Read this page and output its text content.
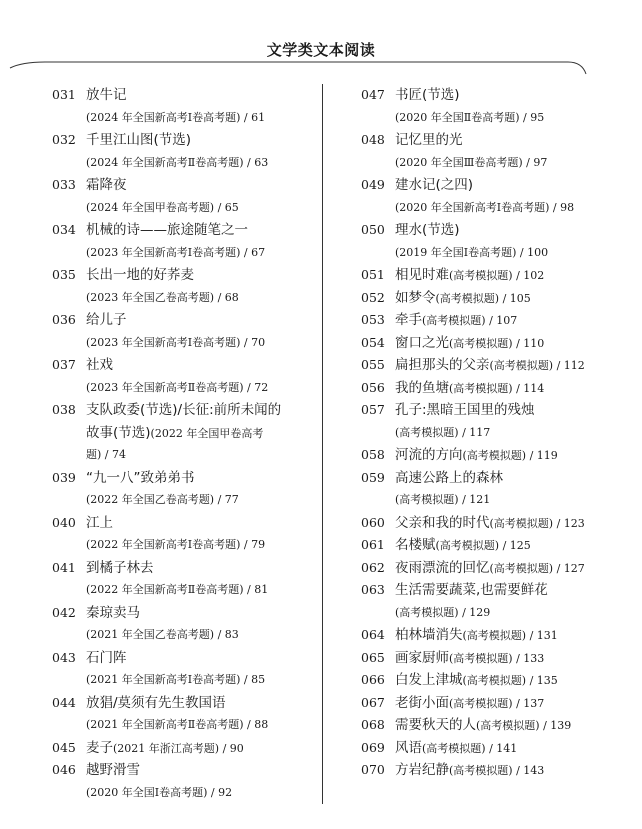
文学类文本阅读
031 放牛记
(2024 年全国新高考Ⅰ卷高考题) / 61
032 千里江山图(节选)
(2024 年全国新高考Ⅱ卷高考题) / 63
033 霜降夜
(2024 年全国甲卷高考题) / 65
034 机械的诗——旅途随笔之一
(2023 年全国新高考Ⅰ卷高考题) / 67
035 长出一地的好荞麦
(2023 年全国乙卷高考题) / 68
036 给儿子
(2023 年全国新高考Ⅰ卷高考题) / 70
037 社戏
(2023 年全国新高考Ⅱ卷高考题) / 72
038 支队政委(节选)/长征:前所未闻的
故事(节选)(2022 年全国甲卷高考
题) / 74
039 “九一八”致弟弟书
(2022 年全国乙卷高考题) / 77
040 江上
(2022 年全国新高考Ⅰ卷高考题) / 79
041 到橘子林去
(2022 年全国新高考Ⅱ卷高考题) / 81
042 秦琼卖马
(2021 年全国乙卷高考题) / 83
043 石门阵
(2021 年全国新高考Ⅰ卷高考题) / 85
044 放猖/莫须有先生教国语
(2021 年全国新高考Ⅱ卷高考题) / 88
045 麦子(2021 年浙江高考题) / 90
046 越野滑雪
(2020 年全国Ⅰ卷高考题) / 92
047 书匠(节选)
(2020 年全国Ⅱ卷高考题) / 95
048 记忆里的光
(2020 年全国Ⅲ卷高考题) / 97
049 建水记(之四)
(2020 年全国新高考Ⅰ卷高考题) / 98
050 理水(节选)
(2019 年全国Ⅰ卷高考题) / 100
051 相见时难(高考模拟题) / 102
052 如梦令(高考模拟题) / 105
053 牵手(高考模拟题) / 107
054 窗口之光(高考模拟题) / 110
055 扁担那头的父亲(高考模拟题) / 112
056 我的鱼塘(高考模拟题) / 114
057 孔子:黑暗王国里的残烛
(高考模拟题) / 117
058 河流的方向(高考模拟题) / 119
059 高速公路上的森林
(高考模拟题) / 121
060 父亲和我的时代(高考模拟题) / 123
061 名楼赋(高考模拟题) / 125
062 夜雨漂流的回忆(高考模拟题) / 127
063 生活需要蔬菜,也需要鲜花
(高考模拟题) / 129
064 柏林墙消失(高考模拟题) / 131
065 画家厨师(高考模拟题) / 133
066 白发上津城(高考模拟题) / 135
067 老街小面(高考模拟题) / 137
068 需要秋天的人(高考模拟题) / 139
069 风语(高考模拟题) / 141
070 方岩纪静(高考模拟题) / 143
